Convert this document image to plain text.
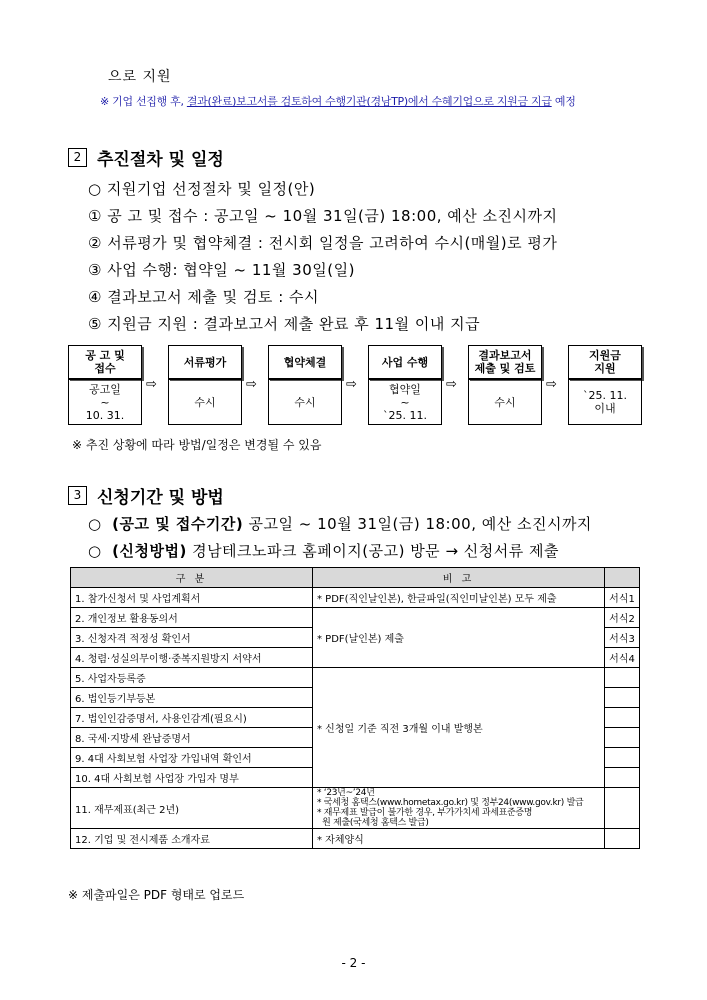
으로 지원
※ 기업 선집행 후, 결과(완료)보고서를 검토하여 수행기관(경남TP)에서 수혜기업으로 지원금 지급 예정
2 추진절차 및 일정
○ 지원기업 선정절차 및 일정(안)
① 공 고 및 접수 : 공고일 ~ 10월 31일(금) 18:00, 예산 소진시까지
② 서류평가 및 협약체결 : 전시회 일정을 고려하여 수시(매월)로 평가
③ 사업 수행: 협약일 ~ 11월 30일(일)
④ 결과보고서 제출 및 검토 : 수시
⑤ 지원금 지원 : 결과보고서 제출 완료 후 11월 이내 지급
공 고 및
접수
공고일
~
10. 31.
⇨
서류평가
수시
⇨
협약체결
수시
⇨
사업 수행
협약일
~
`25. 11.
⇨
결과보고서
제출 및 검토
수시
⇨
지원금
지원
`25. 11.
이내
※ 추진 상황에 따라 방법/일정은 변경될 수 있음
3 신청기간 및 방법
○ (공고 및 접수기간) 공고일 ~ 10월 31일(금) 18:00, 예산 소진시까지
○ (신청방법) 경남테크노파크 홈페이지(공고) 방문 → 신청서류 제출
구 분	비 고	
1. 참가신청서 및 사업계획서	* PDF(직인날인본), 한글파일(직인미날인본) 모두 제출	서식1
2. 개인정보 활용동의서	* PDF(날인본) 제출	서식2
3. 신청자격 적정성 확인서		서식3
4. 청렴·성실의무이행·중복지원방지 서약서		서식4
5. 사업자등록증	* 신청일 기준 직전 3개월 이내 발행본	
6. 법인등기부등본		
7. 법인인감증명서, 사용인감계(필요시)		
8. 국세·지방세 완납증명서		
9. 4대 사회보험 사업장 가입내역 확인서		
10. 4대 사회보험 사업장 가입자 명부		
11. 재무제표(최근 2년)	* ‘23년~’24년
* 국세청 홈택스(www.hometax.go.kr) 및 정부24(www.gov.kr) 발급
* 재무제표 발급이 불가한 경우, 부가가치세 과세표준증명
원 제출(국세청 홈텍스 발급)	

12. 기업 및 전시제품 소개자료	* 자체양식	
※ 제출파일은 PDF 형태로 업로드
- 2 -
